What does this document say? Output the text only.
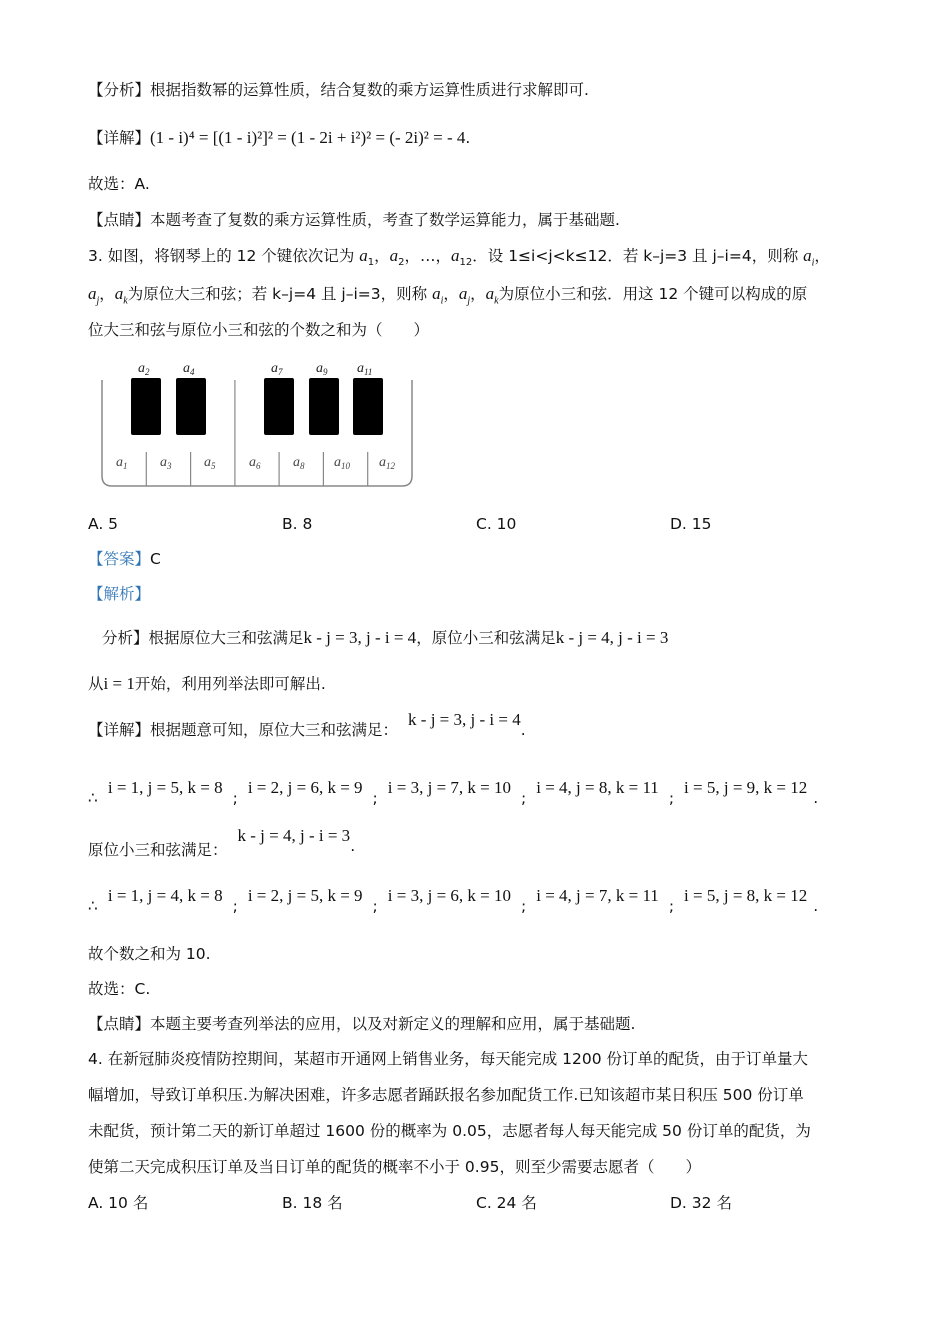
【分析】根据指数幂的运算性质，结合复数的乘方运算性质进行求解即可.
【详解】(1 - i)⁴ = [(1 - i)²]² = (1 - 2i + i²)² = (- 2i)² = - 4.
故选：A.
【点睛】本题考查了复数的乘方运算性质，考查了数学运算能力，属于基础题.
3. 如图，将钢琴上的 12 个键依次记为 $a_1$，$a_2$，…，$a_{12}$．设 1≤i<j<k≤12．若 k–j=3 且 j–i=4，则称 $a_i$，
$a_j$，$a_k$为原位大三和弦；若 k–j=4 且 j–i=3，则称 $a_i$，$a_j$，$a_k$为原位小三和弦．用这 12 个键可以构成的原
位大三和弦与原位小三和弦的个数之和为（　　）
$a_2$ $a_4$	$a_7$ $a_9$ $a_{11}$
$a_1$ $a_3$ $a_5$ $a_6$ $a_8$ $a_{10}$ $a_{12}$
A. 5	B. 8	C. 10	D. 15
【答案】C
【解析】
分析】根据原位大三和弦满足k - j = 3, j - i = 4，原位小三和弦满足k - j = 4, j - i = 3
从i = 1开始，利用列举法即可解出.
【详解】根据题意可知，原位大三和弦满足：k - j = 3, j - i = 4.
∴i = 1, j = 5, k = 8;i = 2, j = 6, k = 9;i = 3, j = 7, k = 10;i = 4, j = 8, k = 11;i = 5, j = 9, k = 12.
原位小三和弦满足：k - j = 4, j - i = 3.
∴i = 1, j = 4, k = 8;i = 2, j = 5, k = 9;i = 3, j = 6, k = 10;i = 4, j = 7, k = 11;i = 5, j = 8, k = 12.
故个数之和为 10.
故选：C.
【点睛】本题主要考查列举法的应用，以及对新定义的理解和应用，属于基础题.
4. 在新冠肺炎疫情防控期间，某超市开通网上销售业务，每天能完成 1200 份订单的配货，由于订单量大
幅增加，导致订单积压.为解决困难，许多志愿者踊跃报名参加配货工作.已知该超市某日积压 500 份订单
未配货，预计第二天的新订单超过 1600 份的概率为 0.05，志愿者每人每天能完成 50 份订单的配货，为
使第二天完成积压订单及当日订单的配货的概率不小于 0.95，则至少需要志愿者（　　）
A. 10 名	B. 18 名	C. 24 名	D. 32 名
